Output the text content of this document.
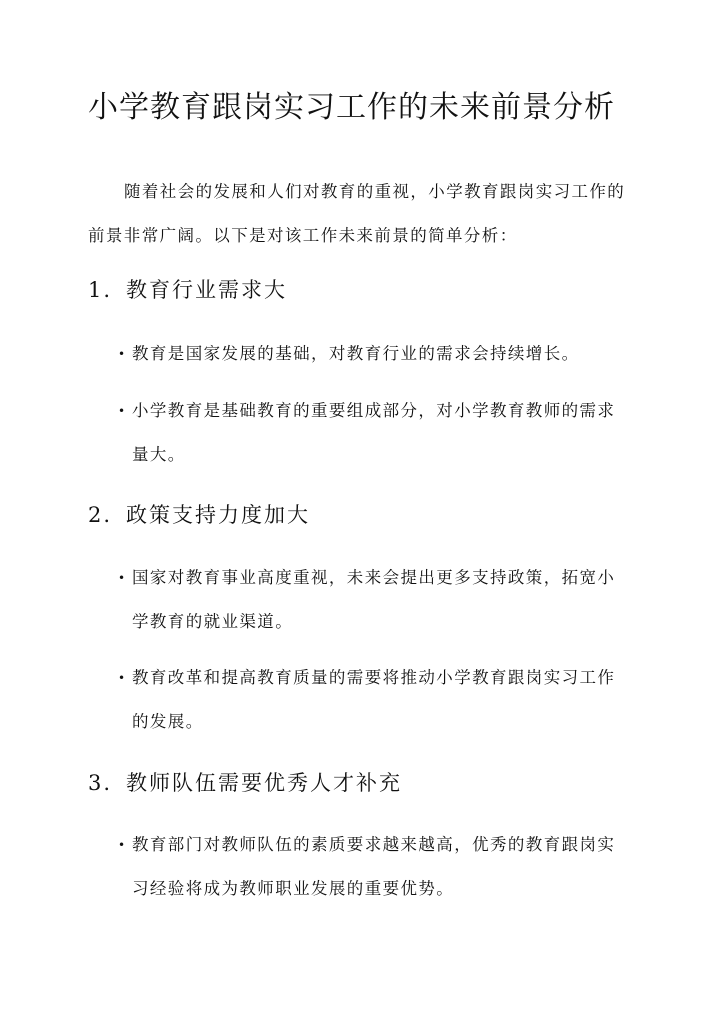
小学教育跟岗实习工作的未来前景分析

随着社会的发展和人们对教育的重视，小学教育跟岗实习工作的前景非常广阔。以下是对该工作未来前景的简单分析：

1. 教育行业需求大
• 教育是国家发展的基础，对教育行业的需求会持续增长。
• 小学教育是基础教育的重要组成部分，对小学教育教师的需求量大。
2. 政策支持力度加大
• 国家对教育事业高度重视，未来会提出更多支持政策，拓宽小学教育的就业渠道。
• 教育改革和提高教育质量的需要将推动小学教育跟岗实习工作的发展。
3. 教师队伍需要优秀人才补充
• 教育部门对教师队伍的素质要求越来越高，优秀的教育跟岗实习经验将成为教师职业发展的重要优势。
